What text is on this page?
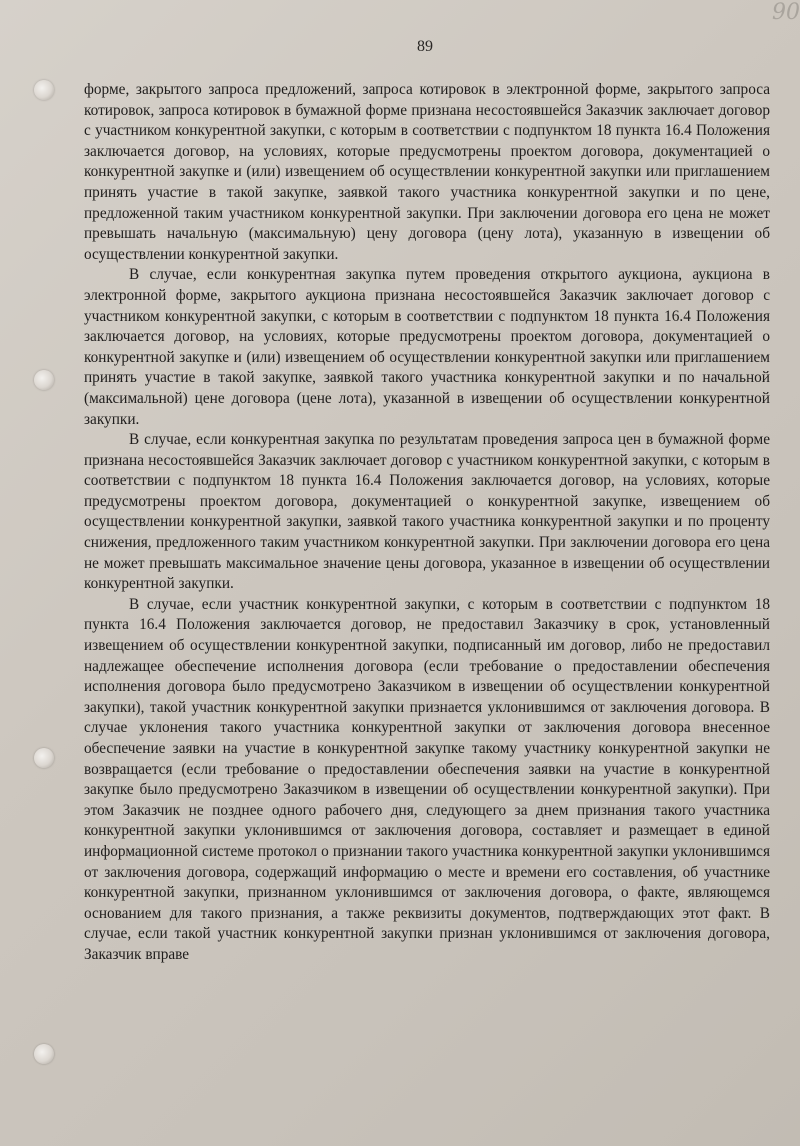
90
89

форме, закрытого запроса предложений, запроса котировок в электронной форме, закрытого запроса котировок, запроса котировок в бумажной форме признана несостоявшейся Заказчик заключает договор с участником конкурентной закупки, с которым в соответствии с подпунктом 18 пункта 16.4 Положения заключается договор, на условиях, которые предусмотрены проектом договора, документацией о конкурентной закупке и (или) извещением об осуществлении конкурентной закупки или приглашением принять участие в такой закупке, заявкой такого участника конкурентной закупки и по цене, предложенной таким участником конкурентной закупки. При заключении договора его цена не может превышать начальную (максимальную) цену договора (цену лота), указанную в извещении об осуществлении конкурентной закупки.

В случае, если конкурентная закупка путем проведения открытого аукциона, аукциона в электронной форме, закрытого аукциона признана несостоявшейся Заказчик заключает договор с участником конкурентной закупки, с которым в соответствии с подпунктом 18 пункта 16.4 Положения заключается договор, на условиях, которые предусмотрены проектом договора, документацией о конкурентной закупке и (или) извещением об осуществлении конкурентной закупки или приглашением принять участие в такой закупке, заявкой такого участника конкурентной закупки и по начальной (максимальной) цене договора (цене лота), указанной в извещении об осуществлении конкурентной закупки.

В случае, если конкурентная закупка по результатам проведения запроса цен в бумажной форме признана несостоявшейся Заказчик заключает договор с участником конкурентной закупки, с которым в соответствии с подпунктом 18 пункта 16.4 Положения заключается договор, на условиях, которые предусмотрены проектом договора, документацией о конкурентной закупке, извещением об осуществлении конкурентной закупки, заявкой такого участника конкурентной закупки и по проценту снижения, предложенного таким участником конкурентной закупки. При заключении договора его цена не может превышать максимальное значение цены договора, указанное в извещении об осуществлении конкурентной закупки.

В случае, если участник конкурентной закупки, с которым в соответствии с подпунктом 18 пункта 16.4 Положения заключается договор, не предоставил Заказчику в срок, установленный извещением об осуществлении конкурентной закупки, подписанный им договор, либо не предоставил надлежащее обеспечение исполнения договора (если требование о предоставлении обеспечения исполнения договора было предусмотрено Заказчиком в извещении об осуществлении конкурентной закупки), такой участник конкурентной закупки признается уклонившимся от заключения договора. В случае уклонения такого участника конкурентной закупки от заключения договора внесенное обеспечение заявки на участие в конкурентной закупке такому участнику конкурентной закупки не возвращается (если требование о предоставлении обеспечения заявки на участие в конкурентной закупке было предусмотрено Заказчиком в извещении об осуществлении конкурентной закупки). При этом Заказчик не позднее одного рабочего дня, следующего за днем признания такого участника конкурентной закупки уклонившимся от заключения договора, составляет и размещает в единой информационной системе протокол о признании такого участника конкурентной закупки уклонившимся от заключения договора, содержащий информацию о месте и времени его составления, об участнике конкурентной закупки, признанном уклонившимся от заключения договора, о факте, являющемся основанием для такого признания, а также реквизиты документов, подтверждающих этот факт. В случае, если такой участник конкурентной закупки признан уклонившимся от заключения договора, Заказчик вправе
